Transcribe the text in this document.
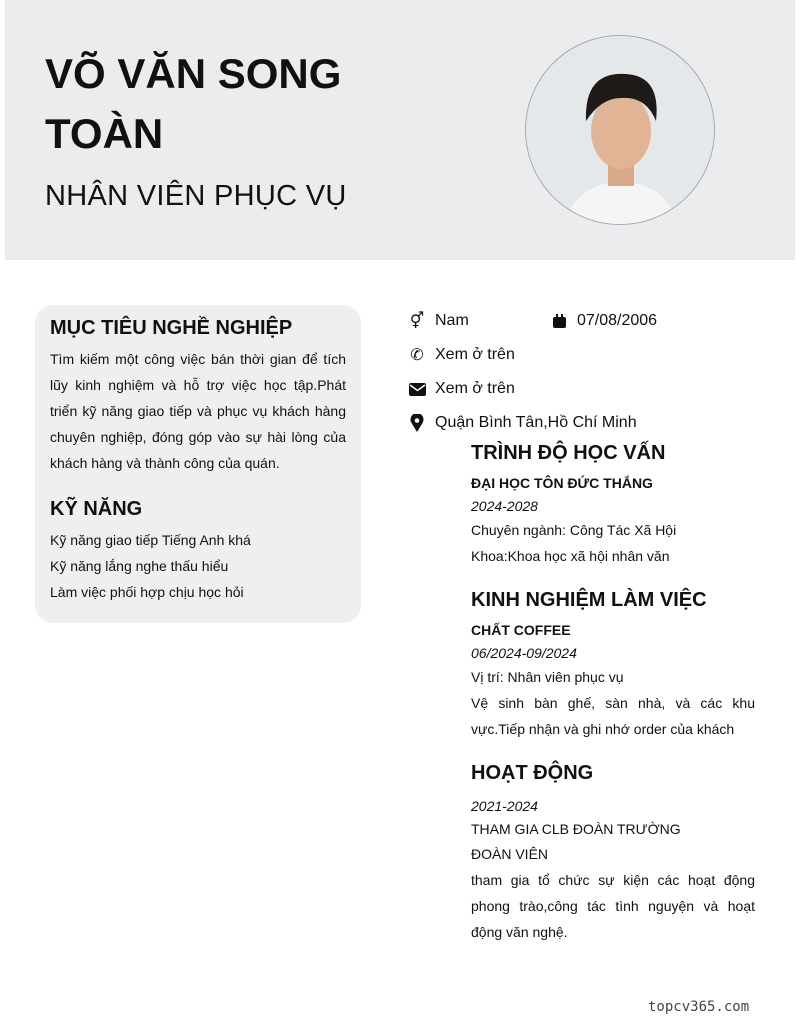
VÕ VĂN SONG TOÀN
NHÂN VIÊN PHỤC VỤ
MỤC TIÊU NGHỀ NGHIỆP

Tìm kiếm một công việc bán thời gian để tích lũy kinh nghiệm và hỗ trợ việc học tập.Phát triển kỹ năng giao tiếp và phục vụ khách hàng chuyên nghiệp, đóng góp vào sự hài lòng của khách hàng và thành công của quán.

KỸ NĂNG
Kỹ năng giao tiếp Tiếng Anh khá
Kỹ năng lắng nghe thấu hiểu
Làm việc phối hợp chịu học hỏi
⚥ Nam	07/08/2006
✆ Xem ở trên
Xem ở trên
Quận Bình Tân,Hồ Chí Minh
TRÌNH ĐỘ HỌC VẤN
ĐẠI HỌC TÔN ĐỨC THẮNG
2024-2028
Chuyên ngành: Công Tác Xã Hội
Khoa:Khoa học xã hội nhân văn
KINH NGHIỆM LÀM VIỆC
CHẤT COFFEE
06/2024-09/2024
Vị trí: Nhân viên phục vụ
Vệ sinh bàn ghế, sàn nhà, và các khu vực.Tiếp nhận và ghi nhớ order của khách
HOẠT ĐỘNG
2021-2024
THAM GIA CLB ĐOÀN TRƯỜNG
ĐOÀN VIÊN
tham gia tổ chức sự kiện các hoạt động phong trào,công tác tình nguyện và hoạt động văn nghệ.
topcv365.com
